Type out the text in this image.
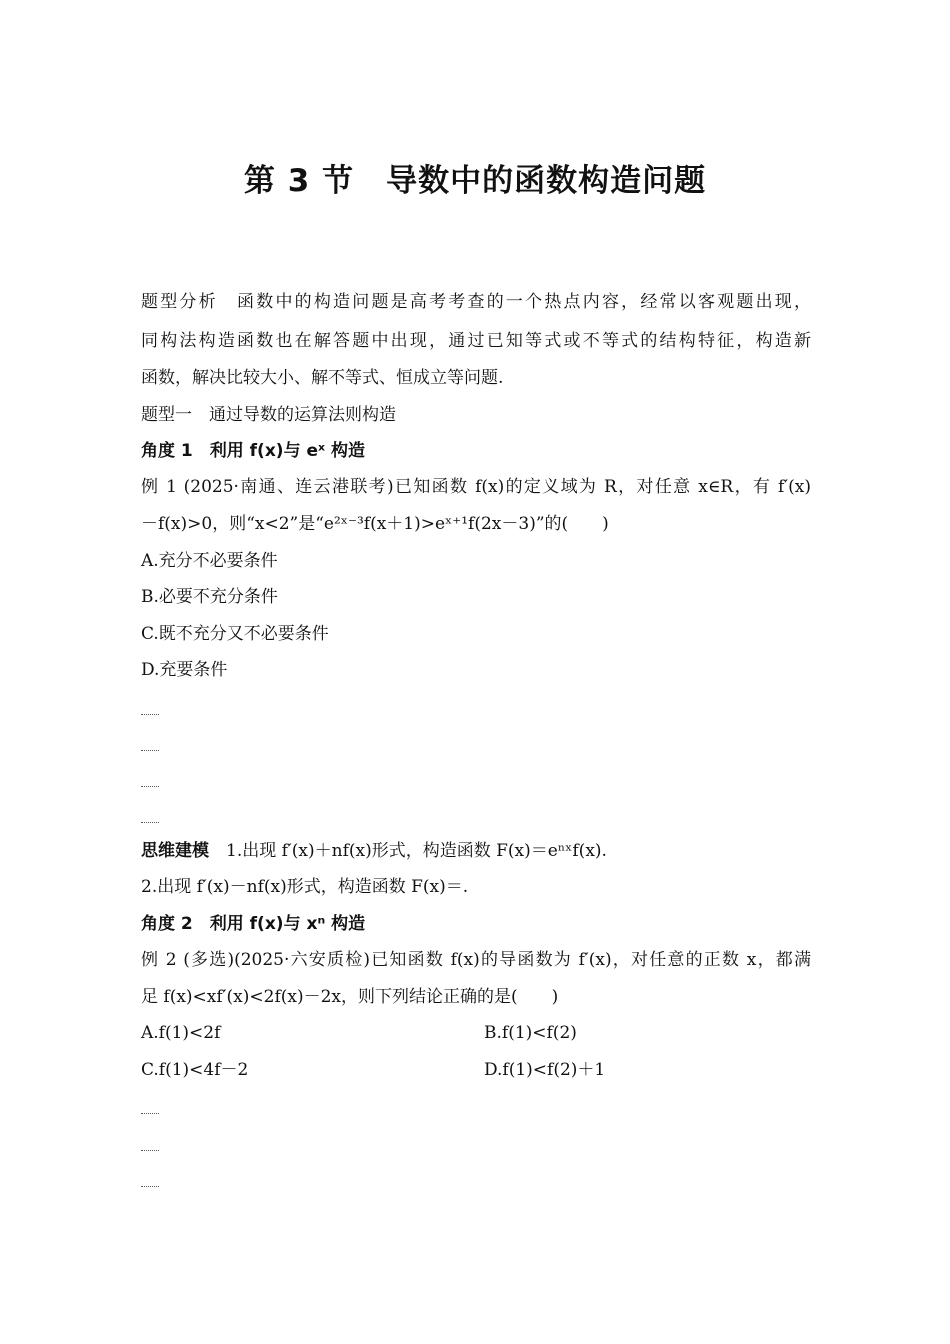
第 3 节　导数中的函数构造问题
题型分析　函数中的构造问题是高考考查的一个热点内容，经常以客观题出现，
同构法构造函数也在解答题中出现，通过已知等式或不等式的结构特征，构造新
函数，解决比较大小、解不等式、恒成立等问题.
题型一　通过导数的运算法则构造
角度 1　利用 f(x)与 eˣ 构造
例 1 (2025·南通、连云港联考)已知函数 f(x)的定义域为 R，对任意 x∈R，有 f′(x)
－f(x)>0，则“x<2”是“e²ˣ⁻³f(x＋1)>eˣ⁺¹f(2x－3)”的(　　)
A.充分不必要条件
B.必要不充分条件
C.既不充分又不必要条件
D.充要条件
思维建模　1.出现 f′(x)＋nf(x)形式，构造函数 F(x)＝eⁿˣf(x).
2.出现 f′(x)－nf(x)形式，构造函数 F(x)＝.
角度 2　利用 f(x)与 xⁿ 构造
例 2 (多选)(2025·六安质检)已知函数 f(x)的导函数为 f′(x)，对任意的正数 x，都满
足 f(x)<xf′(x)<2f(x)－2x，则下列结论正确的是(　　)
A.f(1)<2f	B.f(1)<f(2)
C.f(1)<4f－2	D.f(1)<f(2)＋1
